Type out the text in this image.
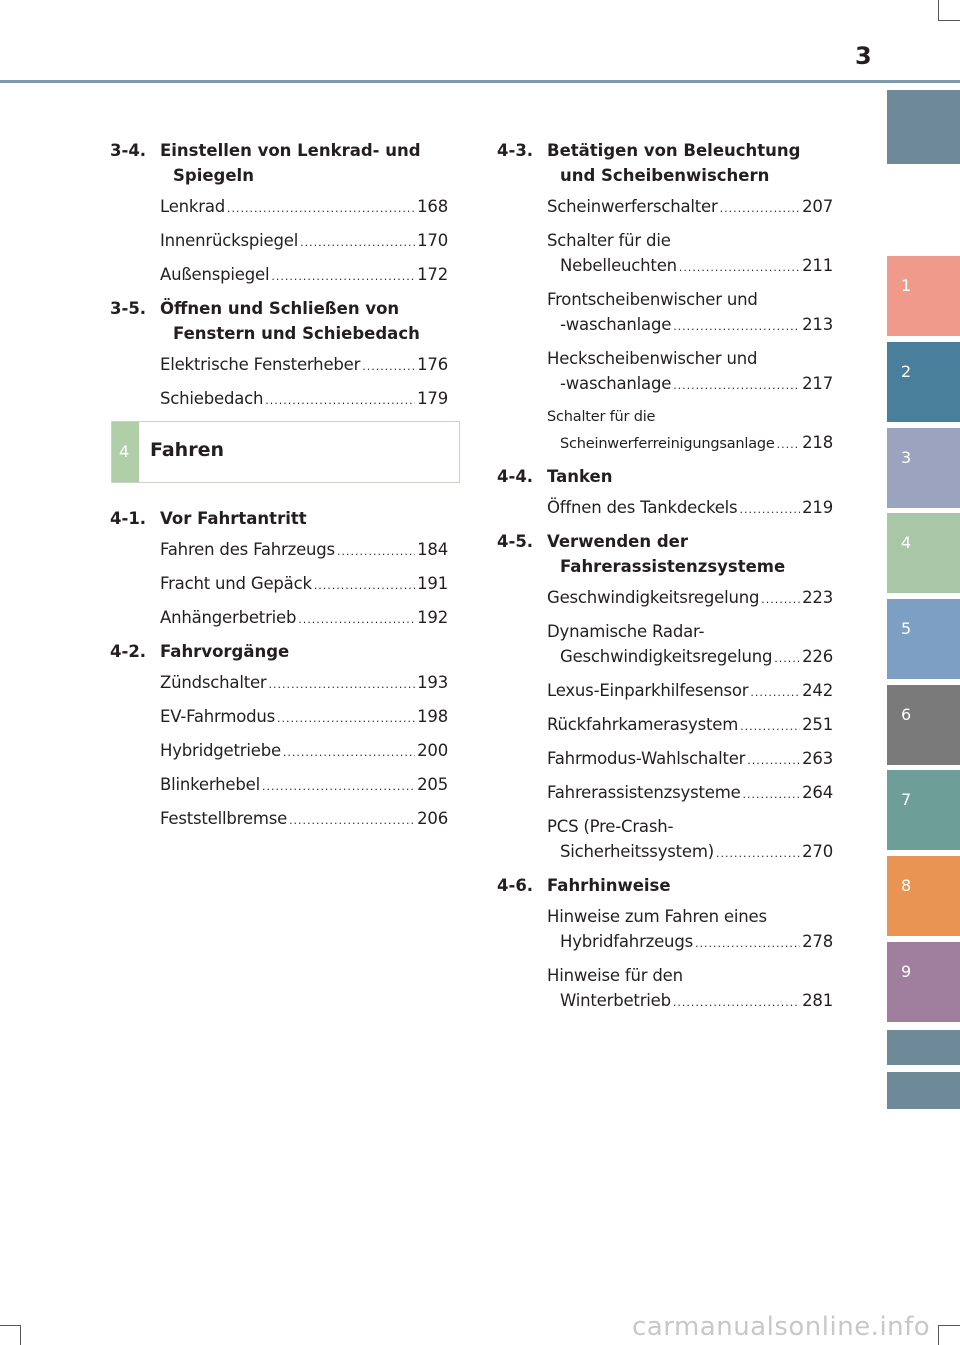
3
1
2
3
4
5
6
7
8
9
3-4. Einstellen von Lenkrad- und
Spiegeln
Lenkrad .....	168
Innenrückspiegel .....	170
Außenspiegel .....	172
3-5. Öffnen und Schließen von
Fenstern und Schiebedach
Elektrische Fensterheber .....	176
Schiebedach .....	179
4	Fahren
4-1. Vor Fahrtantritt
Fahren des Fahrzeugs .....	184
Fracht und Gepäck .....	191
Anhängerbetrieb .....	192
4-2. Fahrvorgänge
Zündschalter .....	193
EV-Fahrmodus .....	198
Hybridgetriebe .....	200
Blinkerhebel .....	205
Feststellbremse .....	206
4-3. Betätigen von Beleuchtung
und Scheibenwischern
Scheinwerferschalter .....	207
Schalter für die
Nebelleuchten .....	211
Frontscheibenwischer und
-waschanlage .....	213
Heckscheibenwischer und
-waschanlage .....	217
Schalter für die
Scheinwerferreinigungsanlage ..... 218
4-4. Tanken
Öffnen des Tankdeckels .....	219
4-5. Verwenden der
Fahrerassistenzsysteme
Geschwindigkeitsregelung .....	223
Dynamische Radar-
Geschwindigkeitsregelung ..... 226
Lexus-Einparkhilfesensor .....	242
Rückfahrkamerasystem .....	251
Fahrmodus-Wahlschalter .....	263
Fahrerassistenzsysteme .....	264
PCS (Pre-Crash-
Sicherheitssystem) .....	270
4-6. Fahrhinweise
Hinweise zum Fahren eines
Hybridfahrzeugs .....	278
Hinweise für den
Winterbetrieb .....	281
carmanualsonline.info
